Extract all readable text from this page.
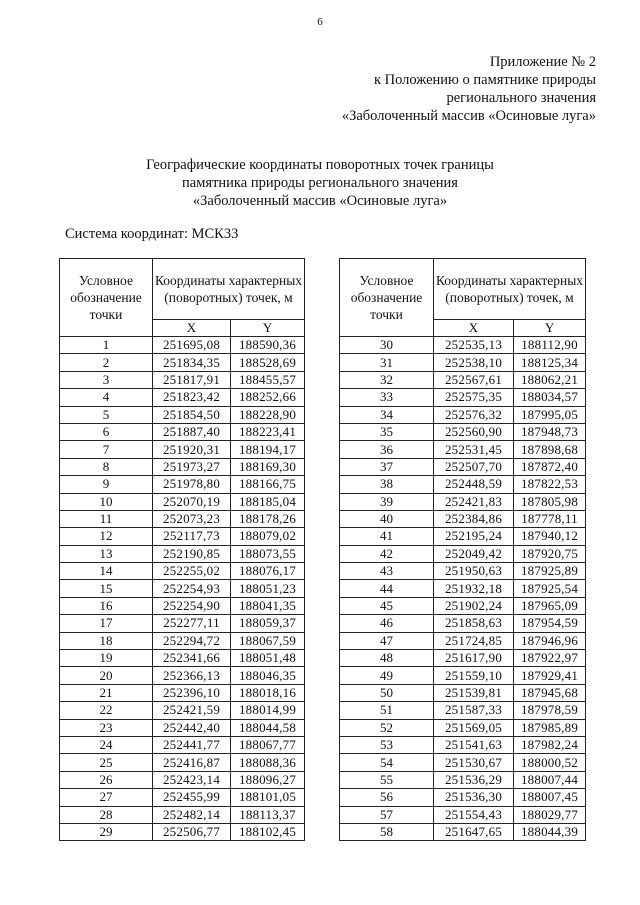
6
Приложение № 2
к Положению о памятнике природы
регионального значения
«Заболоченный массив «Осиновые луга»
Географические координаты поворотных точек границы
памятника природы регионального значения
«Заболоченный массив «Осиновые луга»
Система координат: МСК33
Условное обозначение точки	Координаты характерных (поворотных) точек, м	
	X	Y
1	251695,08	188590,36
2	251834,35	188528,69
3	251817,91	188455,57
4	251823,42	188252,66
5	251854,50	188228,90
6	251887,40	188223,41
7	251920,31	188194,17
8	251973,27	188169,30
9	251978,80	188166,75
10	252070,19	188185,04
11	252073,23	188178,26
12	252117,73	188079,02
13	252190,85	188073,55
14	252255,02	188076,17
15	252254,93	188051,23
16	252254,90	188041,35
17	252277,11	188059,37
18	252294,72	188067,59
19	252341,66	188051,48
20	252366,13	188046,35
21	252396,10	188018,16
22	252421,59	188014,99
23	252442,40	188044,58
24	252441,77	188067,77
25	252416,87	188088,36
26	252423,14	188096,27
27	252455,99	188101,05
28	252482,14	188113,37
29	252506,77	188102,45
Условное обозначение точки	Координаты характерных (поворотных) точек, м	
	X	Y
30	252535,13	188112,90
31	252538,10	188125,34
32	252567,61	188062,21
33	252575,35	188034,57
34	252576,32	187995,05
35	252560,90	187948,73
36	252531,45	187898,68
37	252507,70	187872,40
38	252448,59	187822,53
39	252421,83	187805,98
40	252384,86	187778,11
41	252195,24	187940,12
42	252049,42	187920,75
43	251950,63	187925,89
44	251932,18	187925,54
45	251902,24	187965,09
46	251858,63	187954,59
47	251724,85	187946,96
48	251617,90	187922,97
49	251559,10	187929,41
50	251539,81	187945,68
51	251587,33	187978,59
52	251569,05	187985,89
53	251541,63	187982,24
54	251530,67	188000,52
55	251536,29	188007,44
56	251536,30	188007,45
57	251554,43	188029,77
58	251647,65	188044,39
